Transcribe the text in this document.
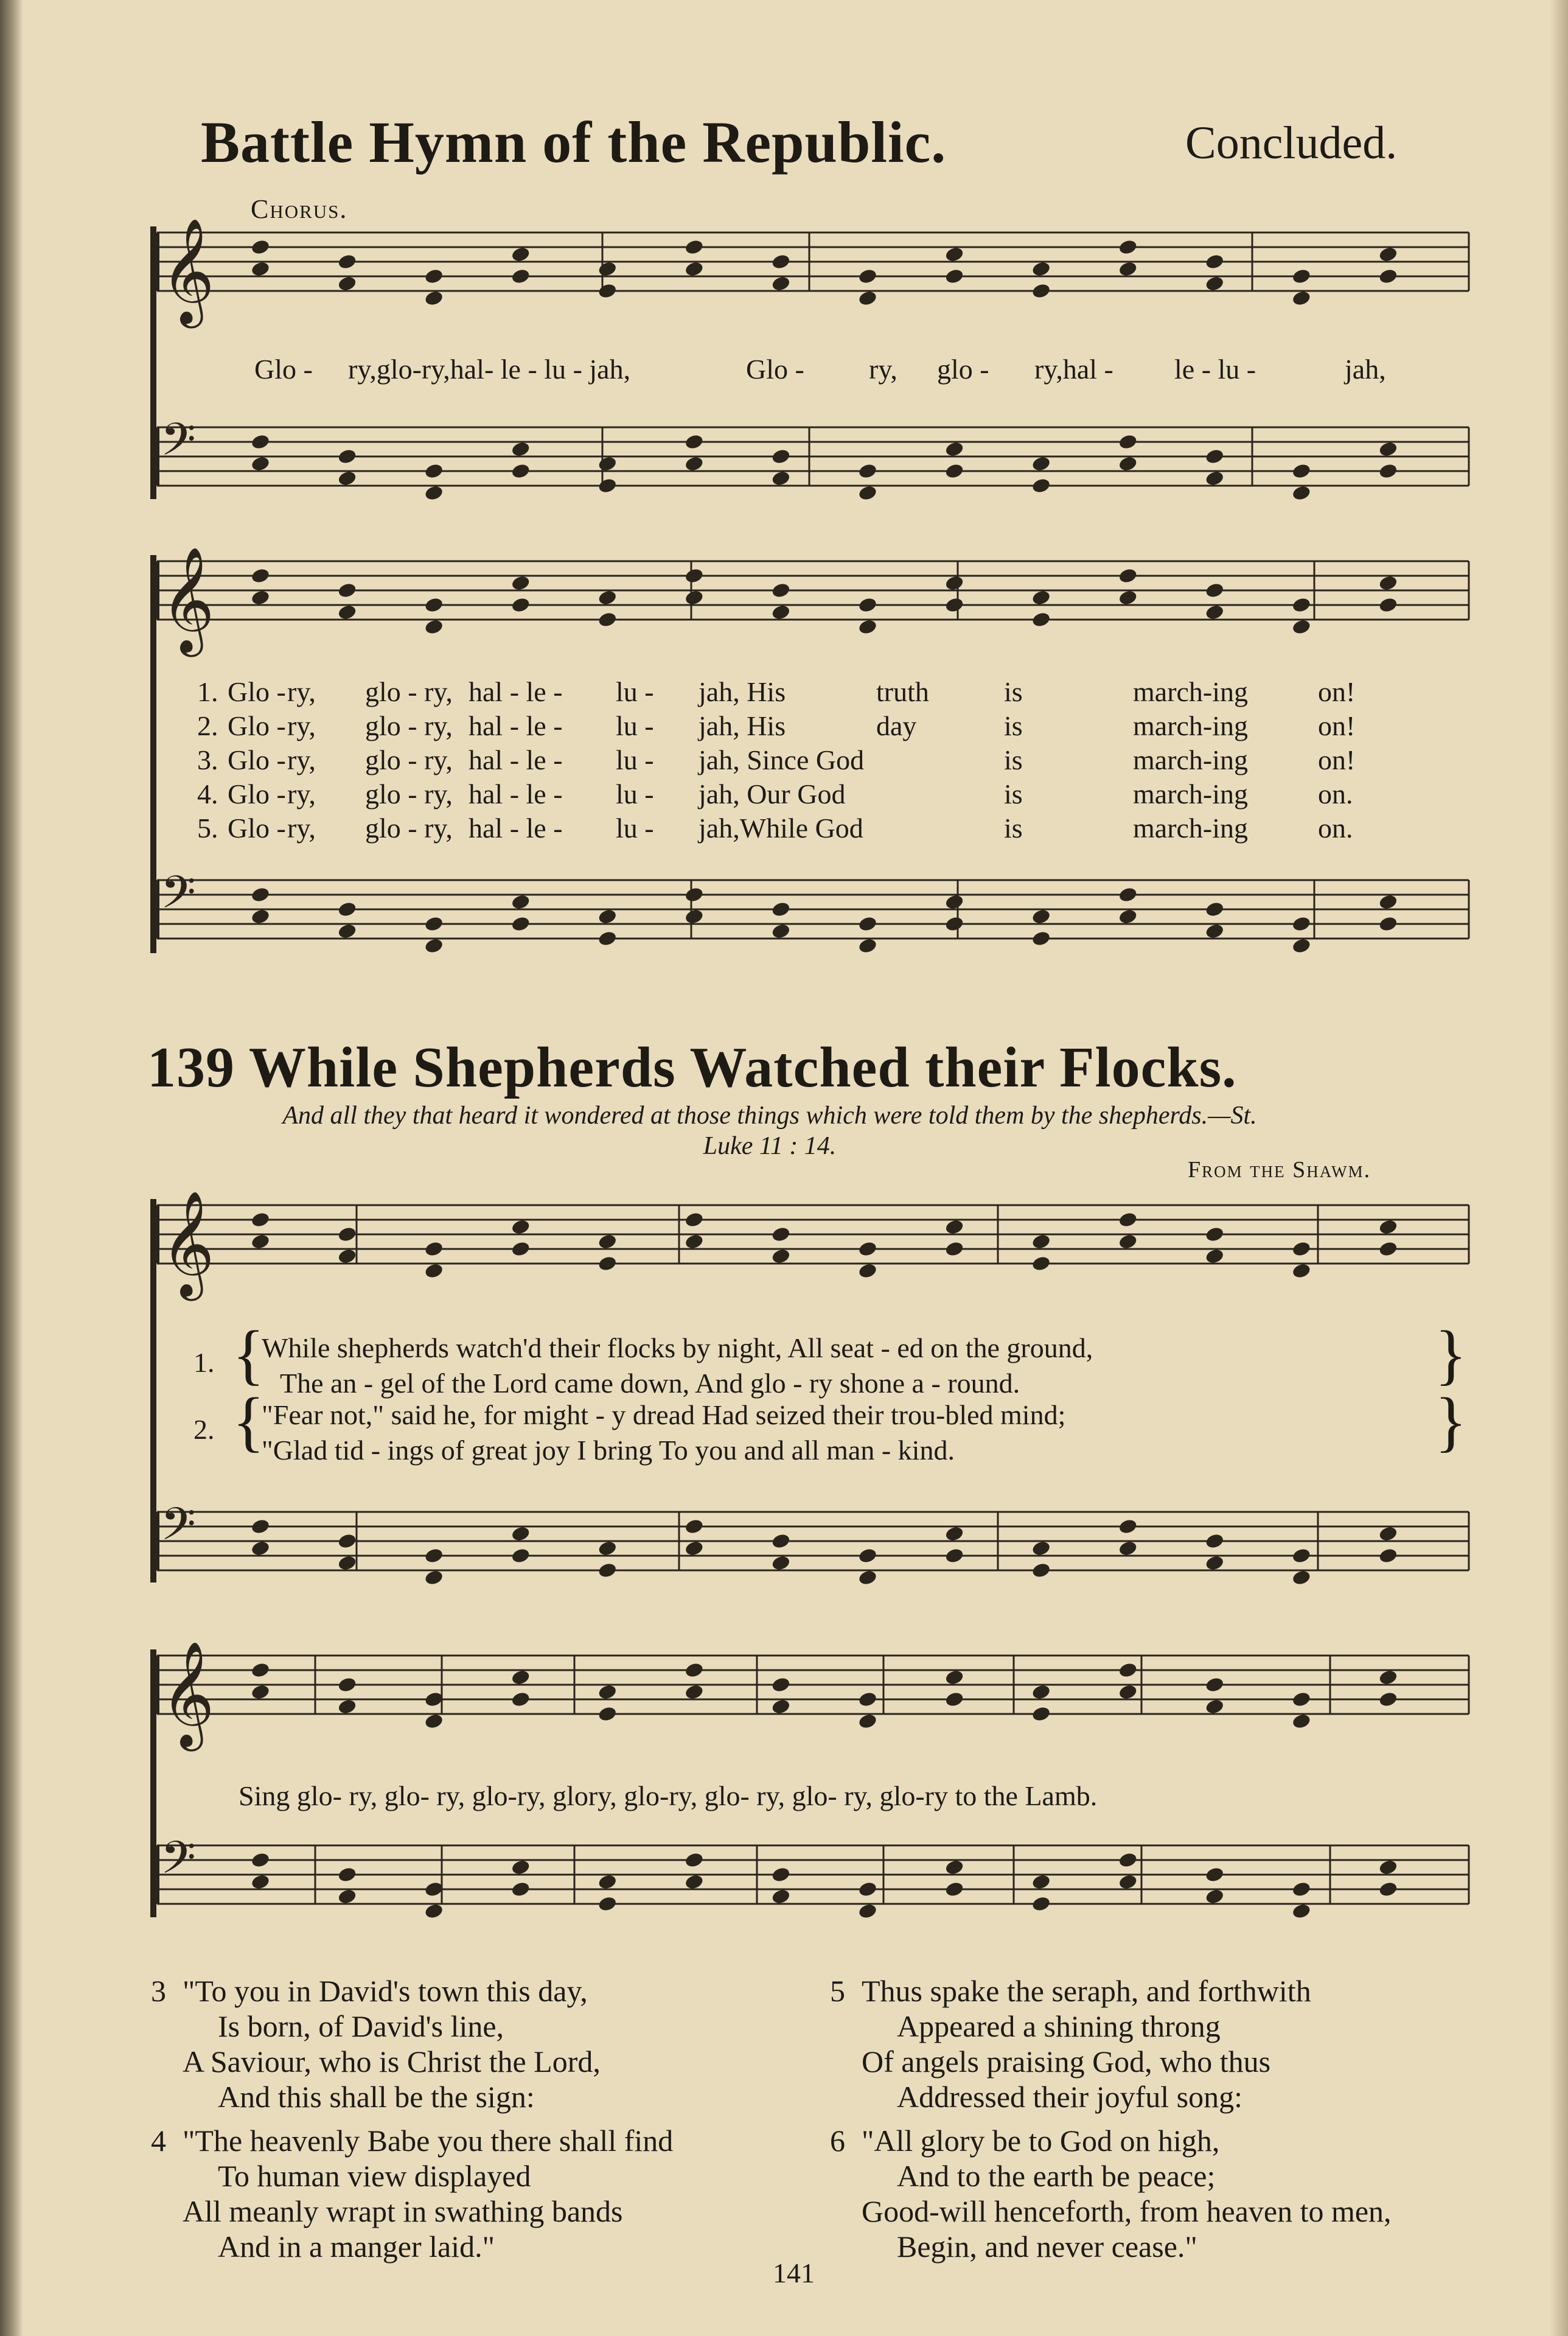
𝄞
𝄢
𝄞
𝄢
𝄞
𝄢
𝄞
𝄢
Battle Hymn of the Republic.	Concluded.
Chorus.
Glo - ry,glo-ry,hal- le - lu - jah,	Glo - ry, glo - ry,hal - le - lu -	jah,
1. Glo - ry, glo - ry, hal - le - lu - jah, His	truth	is	march-ing on!
2. Glo - ry, glo - ry, hal - le - lu - jah, His	day	is	march-ing on!
3. Glo - ry, glo - ry, hal - le - lu - jah, Since God	is	march-ing on!
4. Glo - ry, glo - ry, hal - le - lu - jah, Our God	is	march-ing on.
5. Glo - ry, glo - ry, hal - le - lu - jah,While God	is	march-ing on.
139 While Shepherds Watched their Flocks.
And all they that heard it wondered at those things which were told them by the shepherds.—St. Luke 11 : 14.
From the Shawm.
1. {
While shepherds watch'd their flocks by night, All seat - ed on the ground,
The an - gel of the Lord came down, And glo - ry shone a - round.	}
2. {
"Fear not," said he, for might - y dread Had seized their trou-bled mind;
"Glad tid - ings of great joy I bring To you and all man - kind.	}
Sing glo- ry, glo- ry, glo-ry, glory, glo-ry, glo- ry, glo- ry, glo-ry to the Lamb.
3 "To you in David's town this day,
Is born, of David's line,
A Saviour, who is Christ the Lord,
And this shall be the sign:
4 "The heavenly Babe you there shall find
To human view displayed
All meanly wrapt in swathing bands
And in a manger laid."
5 Thus spake the seraph, and forthwith
Appeared a shining throng
Of angels praising God, who thus
Addressed their joyful song:
6 "All glory be to God on high,
And to the earth be peace;
Good-will henceforth, from heaven to men,
Begin, and never cease."
141
